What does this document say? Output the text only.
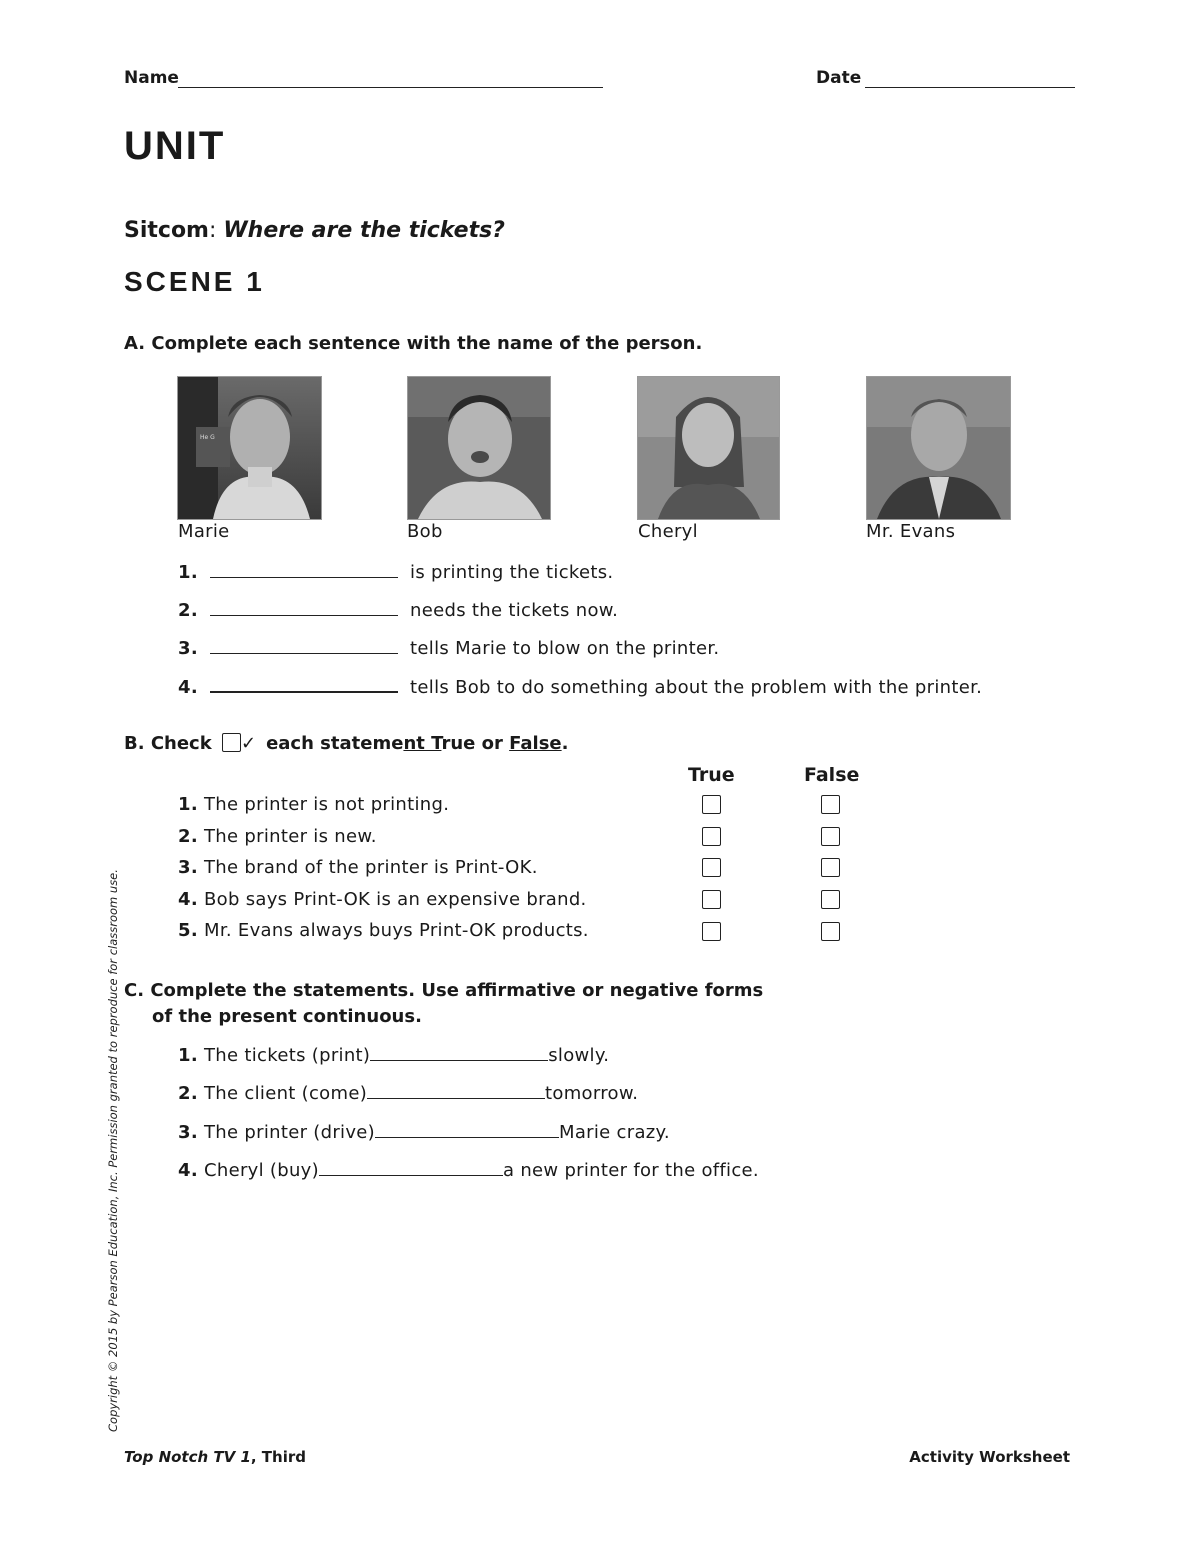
Name	Date
UNIT
Sitcom: Where are the tickets?
SCENE 1
A. Complete each sentence with the name of the person.
He G
Marie	Bob	Cheryl	Mr. Evans
1.	is printing the tickets.
2.	needs the tickets now.
3.	tells Marie to blow on the printer.
4.	tells Bob to do something about the problem with the printer.
B. Check ✓ each statement True or False.
True	False
1. The printer is not printing.
2. The printer is new.
3. The brand of the printer is Print-OK.
4. Bob says Print-OK is an expensive brand.
5. Mr. Evans always buys Print-OK products.
C. Complete the statements. Use affirmative or negative forms
of the present continuous.
1. The tickets (print)	slowly.
2. The client (come)	tomorrow.
3. The printer (drive)	Marie crazy.
4. Cheryl (buy)	a new printer for the office.
Copyright © 2015 by Pearson Education, Inc. Permission granted to reproduce for classroom use.
Top Notch TV 1, Third	Activity Worksheet
